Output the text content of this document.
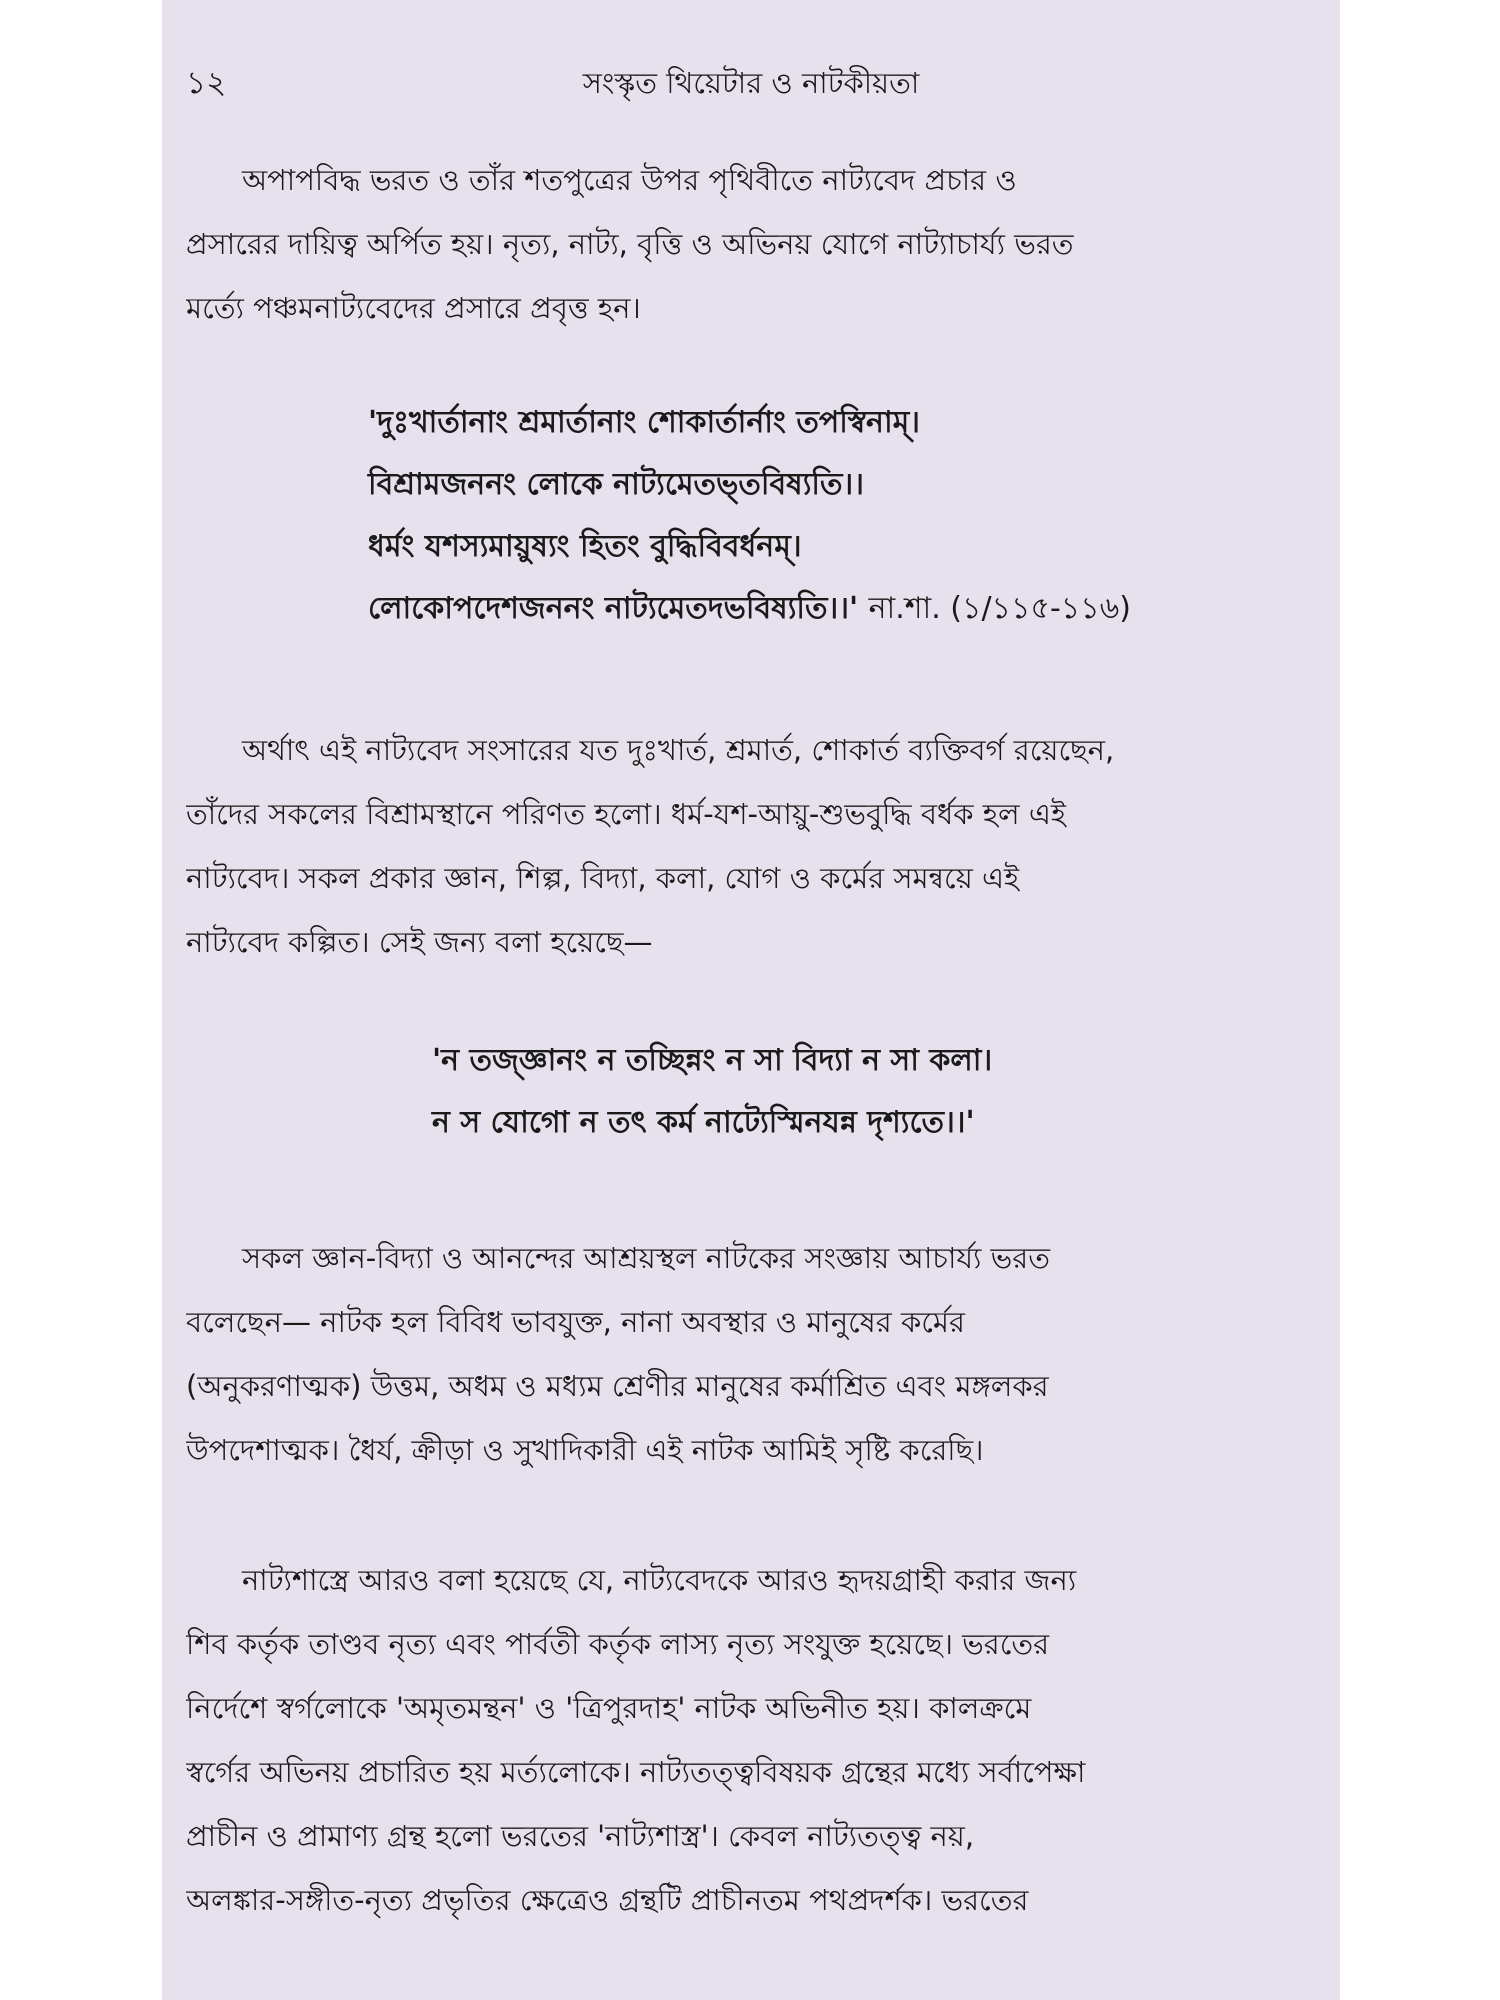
১২	সংস্কৃত থিয়েটার ও নাটকীয়তা

অপাপবিদ্ধ ভরত ও তাঁর শতপুত্রের উপর পৃথিবীতে নাট্যবেদ প্রচার ও
প্রসারের দায়িত্ব অর্পিত হয়। নৃত্য, নাট্য, বৃত্তি ও অভিনয় যোগে নাট্যাচার্য্য ভরত
মর্ত্যে পঞ্চমনাট্যবেদের প্রসারে প্রবৃত্ত হন।

'দুঃখার্তানাং শ্রমার্তানাং শোকার্তার্নাং তপস্বিনাম্।
বিশ্রামজননং লোকে নাট্যমেতভ্তবিষ্যতি।।
ধর্মং যশস্যমায়ুষ্যং হিতং বুদ্ধিবিবর্ধনম্।
লোকোপদেশজননং নাট্যমেতদভবিষ্যতি।।' না.শা. (১/১১৫-১১৬)

অর্থাৎ এই নাট্যবেদ সংসারের যত দুঃখার্ত, শ্রমার্ত, শোকার্ত ব্যক্তিবর্গ রয়েছেন,
তাঁদের সকলের বিশ্রামস্থানে পরিণত হলো। ধর্ম-যশ-আয়ু-শুভবুদ্ধি বর্ধক হল এই
নাট্যবেদ। সকল প্রকার জ্ঞান, শিল্প, বিদ্যা, কলা, যোগ ও কর্মের সমন্বয়ে এই
নাট্যবেদ কল্পিত। সেই জন্য বলা হয়েছে—

'ন তজ্জ্ঞানং ন তচ্ছিন্নং ন সা বিদ্যা ন সা কলা।
ন স যোগো ন তৎ কর্ম নাট্যেস্মিনযন্ন দৃশ্যতে।।'

সকল জ্ঞান-বিদ্যা ও আনন্দের আশ্রয়স্থল নাটকের সংজ্ঞায় আচার্য্য ভরত
বলেছেন— নাটক হল বিবিধ ভাবযুক্ত, নানা অবস্থার ও মানুষের কর্মের
(অনুকরণাত্মক) উত্তম, অধম ও মধ্যম শ্রেণীর মানুষের কর্মাশ্রিত এবং মঙ্গলকর
উপদেশাত্মক। ধৈর্য, ক্রীড়া ও সুখাদিকারী এই নাটক আমিই সৃষ্টি করেছি।

নাট্যশাস্ত্রে আরও বলা হয়েছে যে, নাট্যবেদকে আরও হৃদয়গ্রাহী করার জন্য
শিব কর্তৃক তাণ্ডব নৃত্য এবং পার্বতী কর্তৃক লাস্য নৃত্য সংযুক্ত হয়েছে। ভরতের
নির্দেশে স্বর্গলোকে 'অমৃতমন্থন' ও 'ত্রিপুরদাহ' নাটক অভিনীত হয়। কালক্রমে
স্বর্গের অভিনয় প্রচারিত হয় মর্ত্যলোকে। নাট্যতত্ত্ববিষয়ক গ্রন্থের মধ্যে সর্বাপেক্ষা
প্রাচীন ও প্রামাণ্য গ্রন্থ হলো ভরতের 'নাট্যশাস্ত্র'। কেবল নাট্যতত্ত্ব নয়,
অলঙ্কার-সঙ্গীত-নৃত্য প্রভৃতির ক্ষেত্রেও গ্রন্থটি প্রাচীনতম পথপ্রদর্শক। ভরতের
